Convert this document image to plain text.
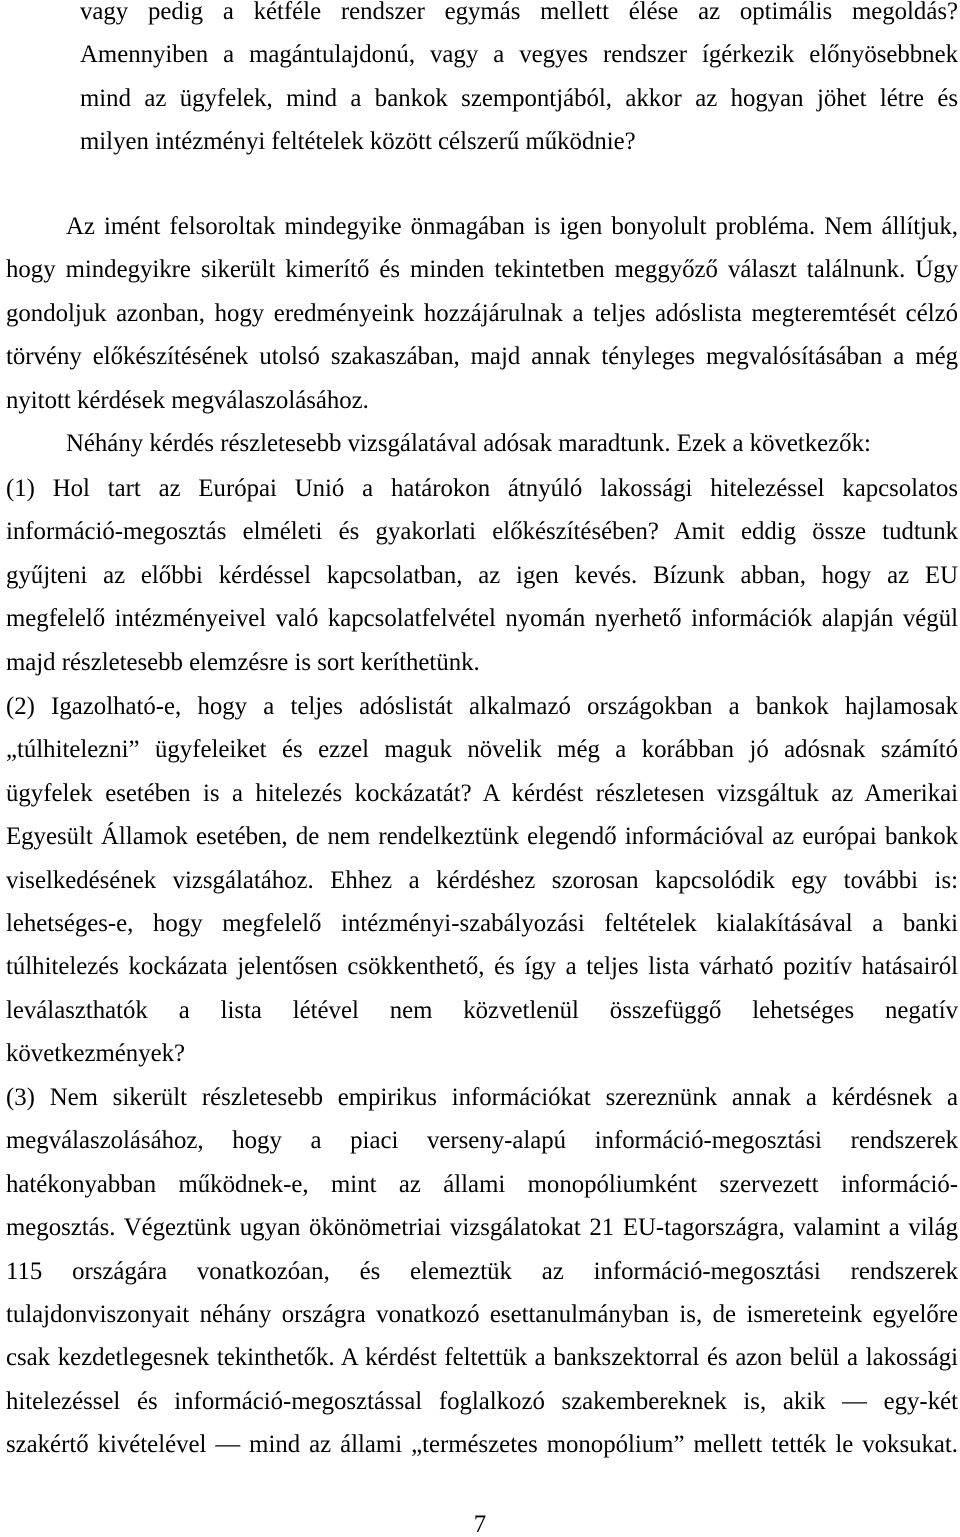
vagy pedig a kétféle rendszer egymás mellett élése az optimális megoldás?
Amennyiben a magántulajdonú, vagy a vegyes rendszer ígérkezik előnyösebbnek
mind az ügyfelek, mind a bankok szempontjából, akkor az hogyan jöhet létre és
milyen intézményi feltételek között célszerű működnie?
Az imént felsoroltak mindegyike önmagában is igen bonyolult probléma. Nem állítjuk,
hogy mindegyikre sikerült kimerítő és minden tekintetben meggyőző választ találnunk. Úgy
gondoljuk azonban, hogy eredményeink hozzájárulnak a teljes adóslista megteremtését célzó
törvény előkészítésének utolsó szakaszában, majd annak tényleges megvalósításában a még
nyitott kérdések megválaszolásához.
Néhány kérdés részletesebb vizsgálatával adósak maradtunk. Ezek a következők:
(1) Hol tart az Európai Unió a határokon átnyúló lakossági hitelezéssel kapcsolatos
információ-megosztás elméleti és gyakorlati előkészítésében? Amit eddig össze tudtunk
gyűjteni az előbbi kérdéssel kapcsolatban, az igen kevés. Bízunk abban, hogy az EU
megfelelő intézményeivel való kapcsolatfelvétel nyomán nyerhető információk alapján végül
majd részletesebb elemzésre is sort keríthetünk.
(2) Igazolható-e, hogy a teljes adóslistát alkalmazó országokban a bankok hajlamosak
„túlhitelezni” ügyfeleiket és ezzel maguk növelik még a korábban jó adósnak számító
ügyfelek esetében is a hitelezés kockázatát? A kérdést részletesen vizsgáltuk az Amerikai
Egyesült Államok esetében, de nem rendelkeztünk elegendő információval az európai bankok
viselkedésének vizsgálatához. Ehhez a kérdéshez szorosan kapcsolódik egy további is:
lehetséges-e, hogy megfelelő intézményi-szabályozási feltételek kialakításával a banki
túlhitelezés kockázata jelentősen csökkenthető, és így a teljes lista várható pozitív hatásairól
leválaszthatók a lista létével nem közvetlenül összefüggő lehetséges negatív
következmények?
(3) Nem sikerült részletesebb empirikus információkat szereznünk annak a kérdésnek a
megválaszolásához, hogy a piaci verseny-alapú információ-megosztási rendszerek
hatékonyabban működnek-e, mint az állami monopóliumként szervezett információ-
megosztás. Végeztünk ugyan ökönömetriai vizsgálatokat 21 EU-tagországra, valamint a világ
115 országára vonatkozóan, és elemeztük az információ-megosztási rendszerek
tulajdonviszonyait néhány országra vonatkozó esettanulmányban is, de ismereteink egyelőre
csak kezdetlegesnek tekinthetők. A kérdést feltettük a bankszektorral és azon belül a lakossági
hitelezéssel és információ-megosztással foglalkozó szakembereknek is, akik — egy-két
szakértő kivételével — mind az állami „természetes monopólium” mellett tették le voksukat.
7
